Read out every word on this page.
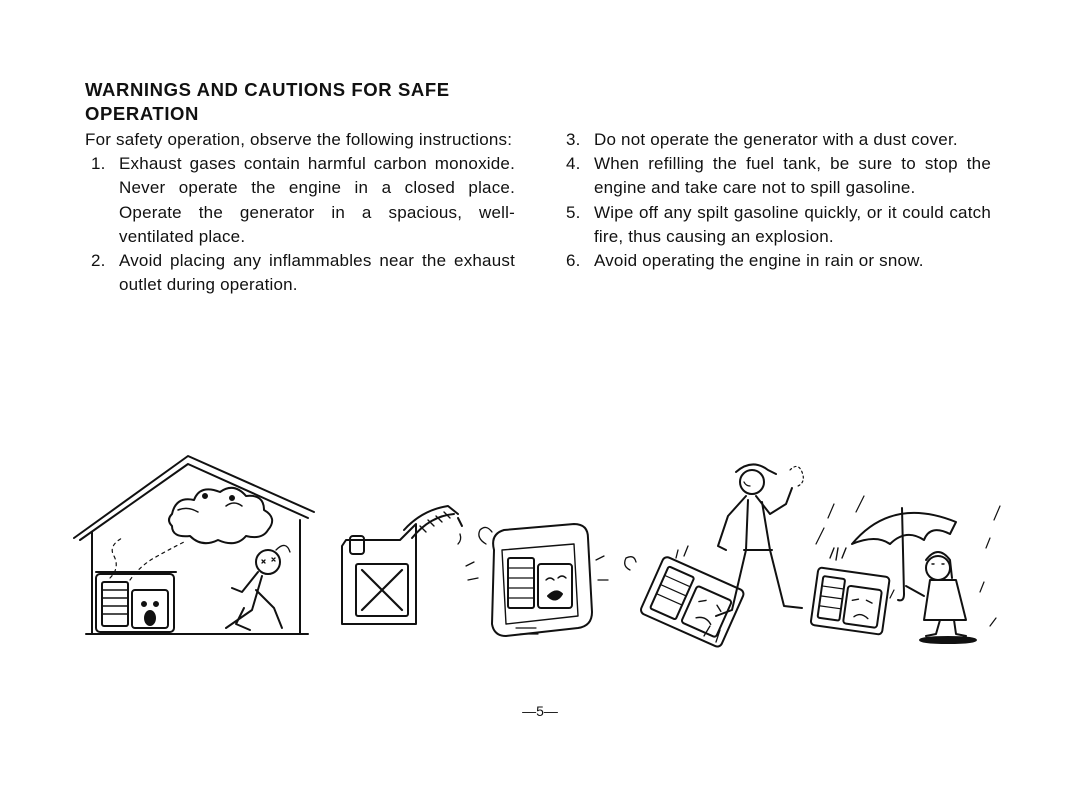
WARNINGS AND CAUTIONS FOR SAFE OPERATION

For safety operation, observe the following instructions:

1. Exhaust gases contain harmful carbon monoxide. Never operate the engine in a closed place. Operate the generator in a spacious, well-ventilated place.
2. Avoid placing any inflammables near the exhaust outlet during operation.
3. Do not operate the generator with a dust cover.
4. When refilling the fuel tank, be sure to stop the engine and take care not to spill gasoline.
5. Wipe off any spilt gasoline quickly, or it could catch fire, thus causing an explosion.
6. Avoid operating the engine in rain or snow.
—5—
